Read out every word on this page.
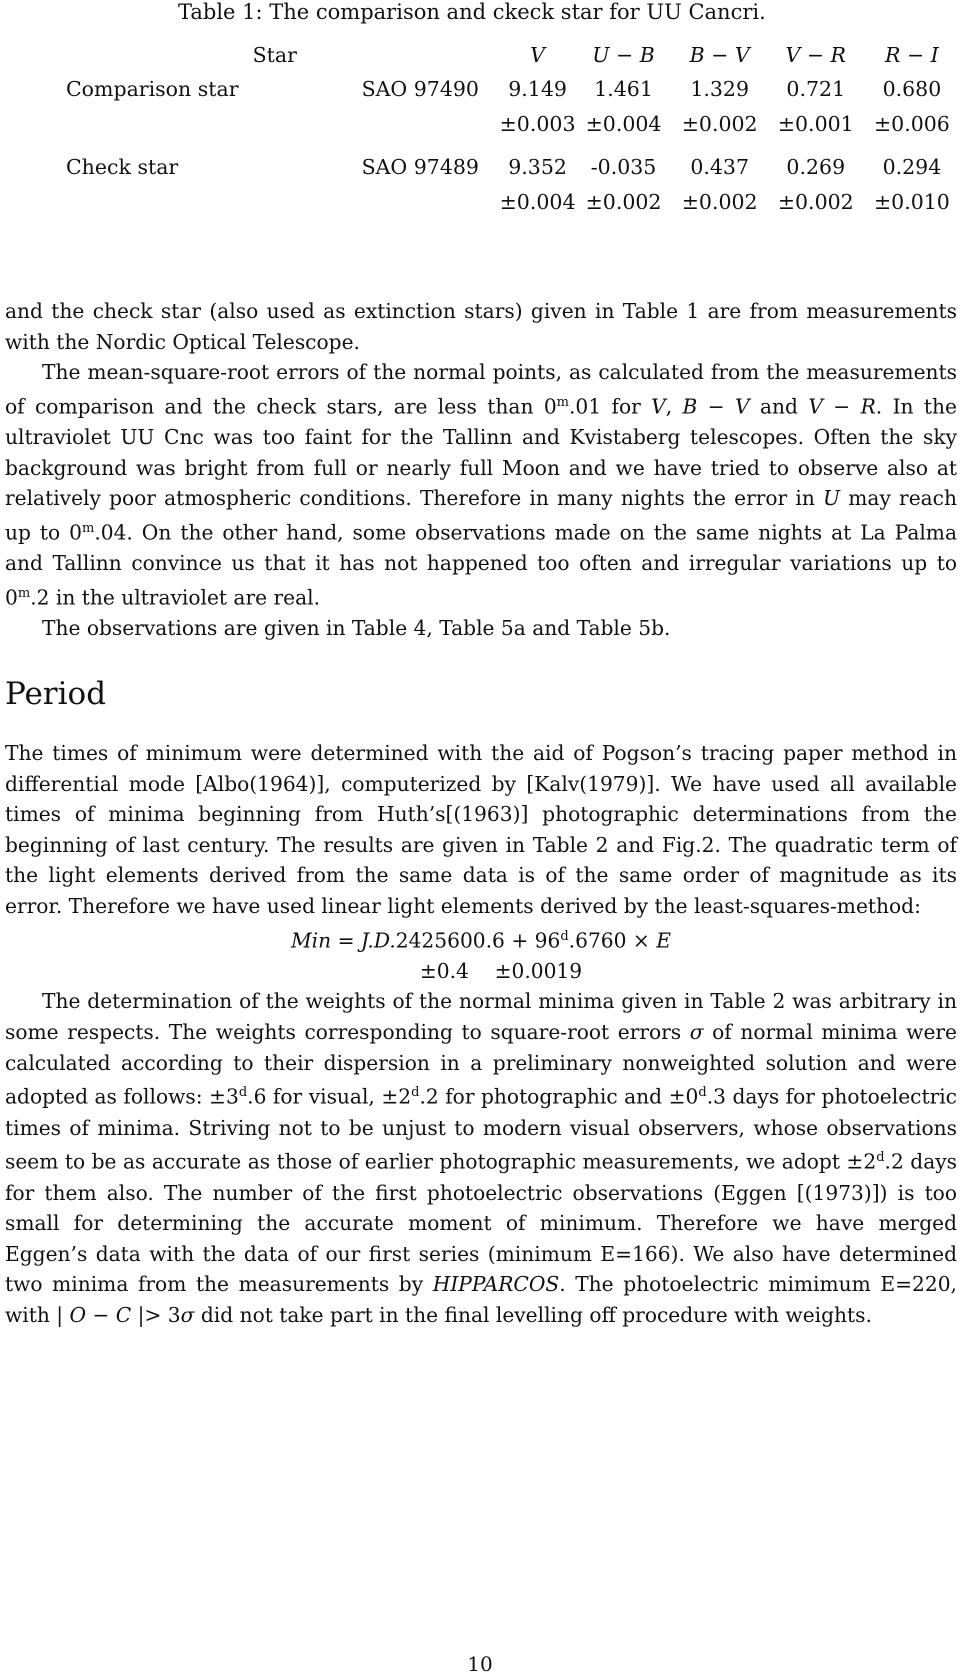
Table 1: The comparison and ckeck star for UU Cancri.
Star		V	U − B	B − V	V − R	R − I
Comparison star	SAO 97490	9.149	1.461	1.329	0.721	0.680
		±0.003	±0.004	±0.002	±0.001	±0.006

Check star	SAO 97489	9.352	-0.035	0.437	0.269	0.294
		±0.004	±0.002	±0.002	±0.002	±0.010

and the check star (also used as extinction stars) given in Table 1 are from measurements with the Nordic Optical Telescope.

The mean-square-root errors of the normal points, as calculated from the measurements of comparison and the check stars, are less than 0$^m$.01 for V, B − V and V − R. In the ultraviolet UU Cnc was too faint for the Tallinn and Kvistaberg telescopes. Often the sky background was bright from full or nearly full Moon and we have tried to observe also at relatively poor atmospheric conditions. Therefore in many nights the error in U may reach up to 0$^m$.04. On the other hand, some observations made on the same nights at La Palma and Tallinn convince us that it has not happened too often and irregular variations up to 0$^m$.2 in the ultraviolet are real.

The observations are given in Table 4, Table 5a and Table 5b.

Period

The times of minimum were determined with the aid of Pogson’s tracing paper method in differential mode [Albo(1964)], computerized by [Kalv(1979)]. We have used all available times of minima beginning from Huth’s[(1963)] photographic determinations from the beginning of last century. The results are given in Table 2 and Fig.2. The quadratic term of the light elements derived from the same data is of the same order of magnitude as its error. Therefore we have used linear light elements derived by the least-squares-method:

Min = $J.D.2425600.6 + 96^d.6760 \times E$
±0.4    ±0.0019

The determination of the weights of the normal minima given in Table 2 was arbitrary in some respects. The weights corresponding to square-root errors σ of normal minima were calculated according to their dispersion in a preliminary nonweighted solution and were adopted as follows: $\pm 3^d.6$ for visual, $\pm 2^d.2$ for photographic and $\pm 0^d.3$ days for photoelectric times of minima. Striving not to be unjust to modern visual observers, whose observations seem to be as accurate as those of earlier photographic measurements, we adopt $\pm 2^d.2$ days for them also. The number of the first photoelectric observations (Eggen [(1973)]) is too small for determining the accurate moment of minimum. Therefore we have merged Eggen’s data with the data of our first series (minimum E=166). We also have determined two minima from the measurements by HIPPARCOS. The photoelectric mimimum E=220, with | O − C |> 3σ did not take part in the final levelling off procedure with weights.

10
